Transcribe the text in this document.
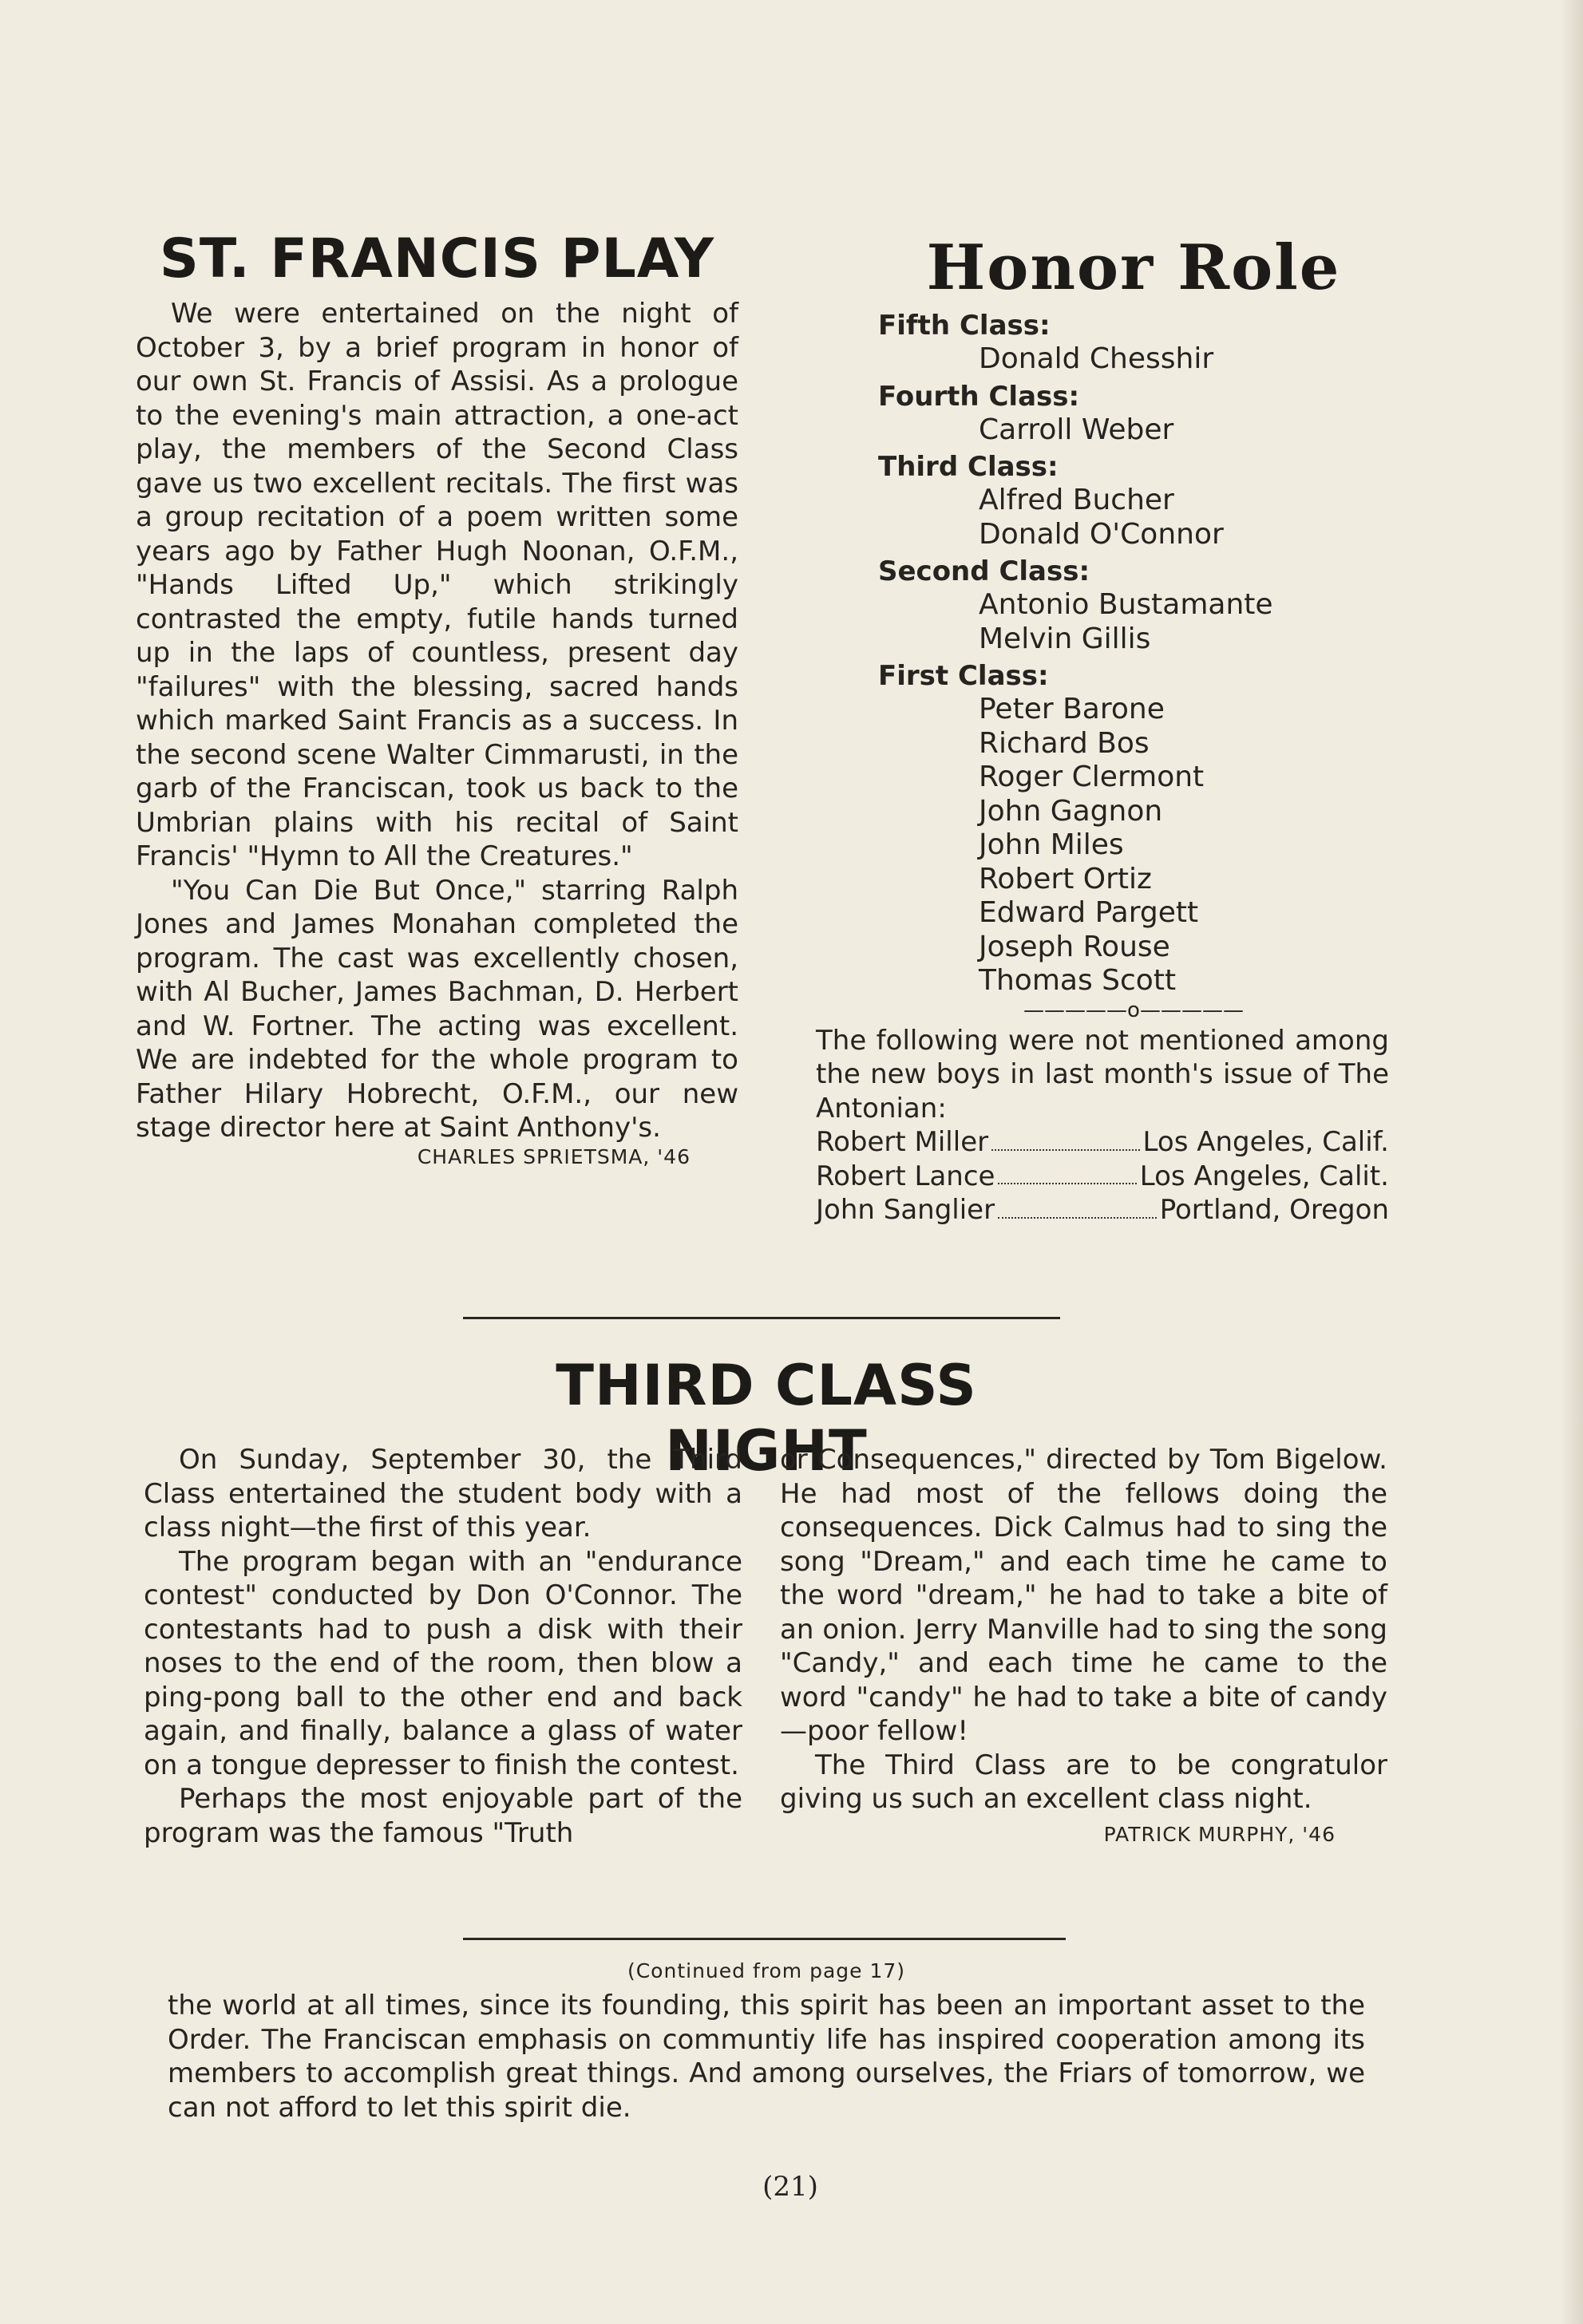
ST. FRANCIS PLAY

We were entertained on the night of October 3, by a brief program in honor of our own St. Francis of Assisi. As a prologue to the evening's main attraction, a one-act play, the members of the Second Class gave us two excellent recitals. The first was a group recitation of a poem written some years ago by Father Hugh Noonan, O.F.M., "Hands Lifted Up," which strikingly contrasted the empty, futile hands turned up in the laps of countless, present day "failures" with the blessing, sacred hands which marked Saint Francis as a success. In the second scene Walter Cimmarusti, in the garb of the Franciscan, took us back to the Umbrian plains with his recital of Saint Francis' "Hymn to All the Creatures."

"You Can Die But Once," starring Ralph Jones and James Monahan completed the program. The cast was excellently chosen, with Al Bucher, James Bachman, D. Herbert and W. Fortner. The acting was excellent. We are indebted for the whole program to Father Hilary Hobrecht, O.F.M., our new stage director here at Saint Anthony's.

CHARLES SPRIETSMA, '46

Honor Role
Fifth Class:
Donald Chesshir
Fourth Class:
Carroll Weber
Third Class:
Alfred Bucher
Donald O'Connor
Second Class:
Antonio Bustamante
Melvin Gillis
First Class:
Peter Barone
Richard Bos
Roger Clermont
John Gagnon
John Miles
Robert Ortiz
Edward Pargett
Joseph Rouse
Thomas Scott
—————o—————
The following were not mentioned among the new boys in last month's issue of The Antonian:
Robert Miller	Los Angeles, Calif.
Robert Lance	Los Angeles, Calit.
John Sanglier	Portland, Oregon
THIRD CLASS NIGHT

On Sunday, September 30, the Third Class entertained the student body with a class night—the first of this year.

The program began with an "endurance contest" conducted by Don O'Connor. The contestants had to push a disk with their noses to the end of the room, then blow a ping-pong ball to the other end and back again, and finally, balance a glass of water on a tongue depresser to finish the contest.

Perhaps the most enjoyable part of the program was the famous "Truth

or Consequences," directed by Tom Bigelow. He had most of the fellows doing the consequences. Dick Calmus had to sing the song "Dream," and each time he came to the word "dream," he had to take a bite of an onion. Jerry Manville had to sing the song "Candy," and each time he came to the word "candy" he had to take a bite of candy—poor fellow!

The Third Class are to be congratulor giving us such an excellent class night.

PATRICK MURPHY, '46

(Continued from page 17)

the world at all times, since its founding, this spirit has been an important asset to the Order. The Franciscan emphasis on communtiy life has inspired cooperation among its members to accomplish great things. And among ourselves, the Friars of tomorrow, we can not afford to let this spirit die.

(21)
